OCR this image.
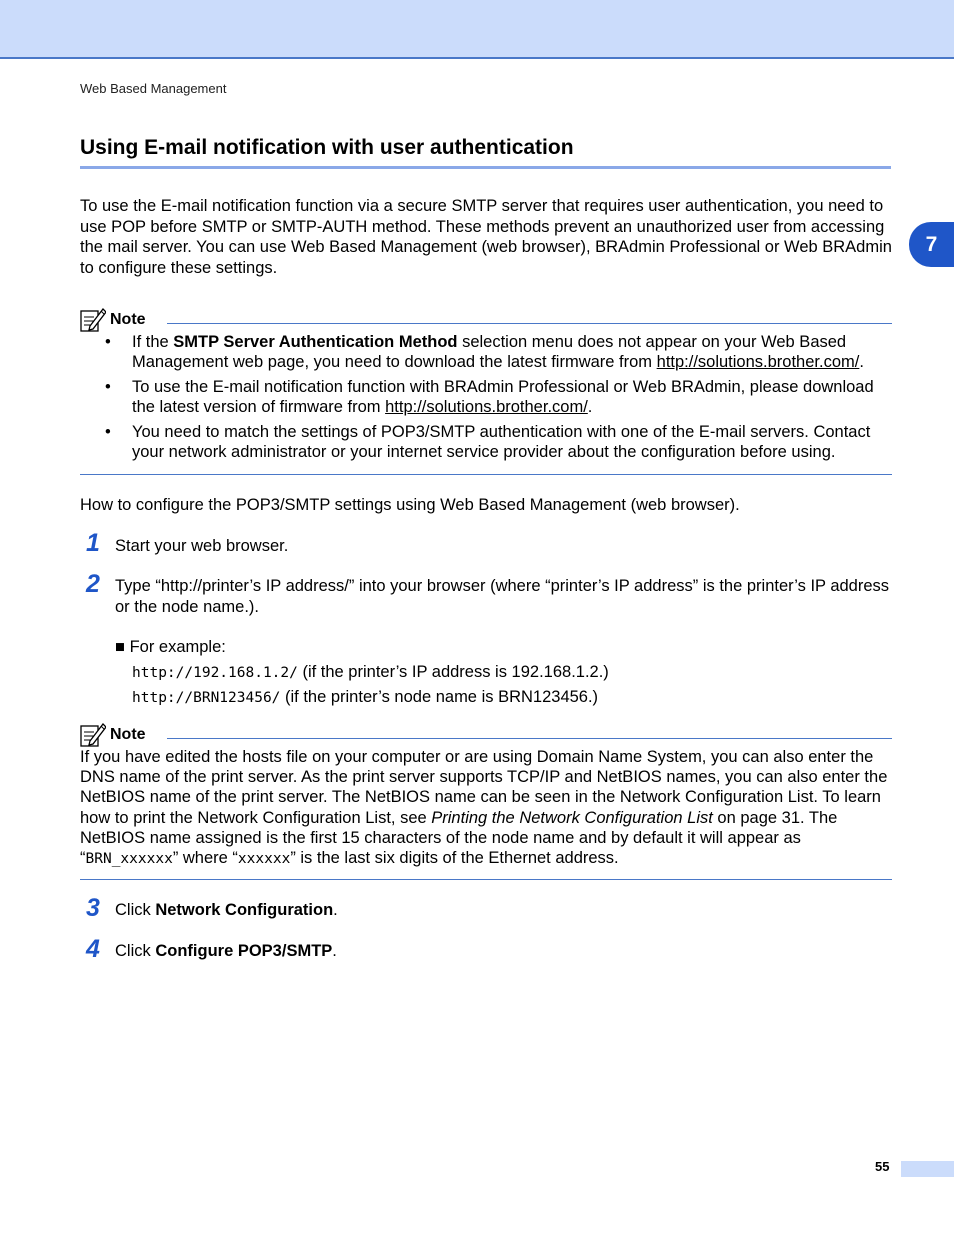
Web Based Management
Using E-mail notification with user authentication
7

To use the E-mail notification function via a secure SMTP server that requires user authentication, you need to use POP before SMTP or SMTP-AUTH method. These methods prevent an unauthorized user from accessing the mail server. You can use Web Based Management (web browser), BRAdmin Professional or Web BRAdmin to configure these settings.

Note
• If the SMTP Server Authentication Method selection menu does not appear on your Web Based Management web page, you need to download the latest firmware from http://solutions.brother.com/.
• To use the E-mail notification function with BRAdmin Professional or Web BRAdmin, please download the latest version of firmware from http://solutions.brother.com/.
• You need to match the settings of POP3/SMTP authentication with one of the E-mail servers. Contact your network administrator or your internet service provider about the configuration before using.

How to configure the POP3/SMTP settings using Web Based Management (web browser).

1 Start your web browser.
2 Type “http://printer’s IP address/” into your browser (where “printer’s IP address” is the printer’s IP address or the node name.).
■ For example:
http://192.168.1.2/ (if the printer’s IP address is 192.168.1.2.)
http://BRN123456/ (if the printer’s node name is BRN123456.)
Note

If you have edited the hosts file on your computer or are using Domain Name System, you can also enter the DNS name of the print server. As the print server supports TCP/IP and NetBIOS names, you can also enter the NetBIOS name of the print server. The NetBIOS name can be seen in the Network Configuration List. To learn how to print the Network Configuration List, see Printing the Network Configuration List on page 31. The NetBIOS name assigned is the first 15 characters of the node name and by default it will appear as “BRN_xxxxxx” where “xxxxxx” is the last six digits of the Ethernet address.

3 Click Network Configuration.
4 Click Configure POP3/SMTP.
55
